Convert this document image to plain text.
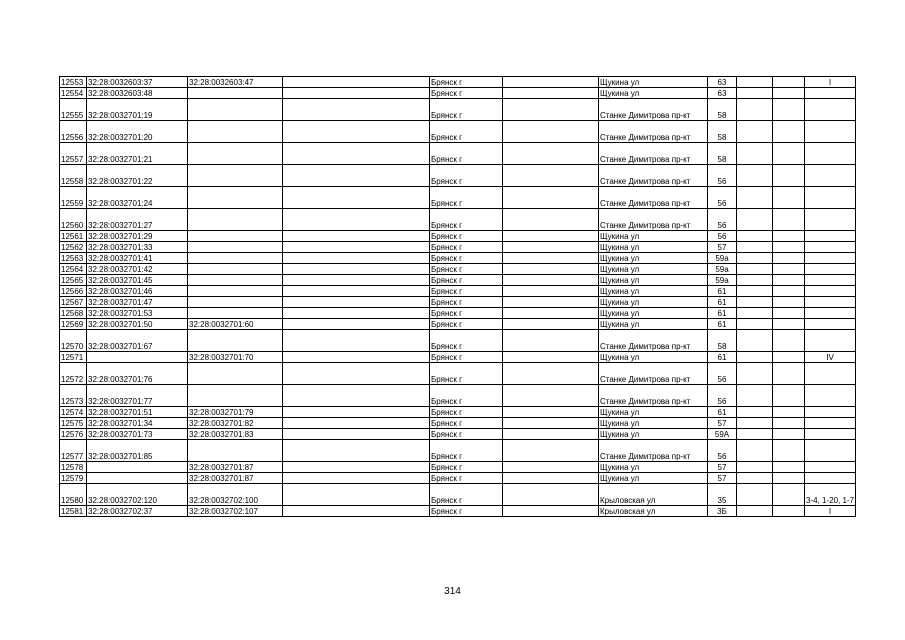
12553	32:28:0032603:37	32:28:0032603:47		Брянск г		Щукина ул	63			I
12554	32:28:0032603:48			Брянск г		Щукина ул	63			
12555	32:28:0032701:19			Брянск г		Станке Димитрова пр-кт	58			
12556	32:28:0032701:20			Брянск г		Станке Димитрова пр-кт	58			
12557	32:28:0032701:21			Брянск г		Станке Димитрова пр-кт	58			
12558	32:28:0032701:22			Брянск г		Станке Димитрова пр-кт	56			
12559	32:28:0032701:24			Брянск г		Станке Димитрова пр-кт	56			
12560	32:28:0032701:27			Брянск г		Станке Димитрова пр-кт	56			
12561	32:28:0032701:29			Брянск г		Щукина ул	56			
12562	32:28:0032701:33			Брянск г		Щукина ул	57			
12563	32:28:0032701:41			Брянск г		Щукина ул	59а			
12564	32:28:0032701:42			Брянск г		Щукина ул	59а			
12565	32:28:0032701:45			Брянск г		Щукина ул	59а			
12566	32:28:0032701:46			Брянск г		Щукина ул	61			
12567	32:28:0032701:47			Брянск г		Щукина ул	61			
12568	32:28:0032701:53			Брянск г		Щукина ул	61			
12569	32:28:0032701:50	32:28:0032701:60		Брянск г		Щукина ул	61			
12570	32:28:0032701:67			Брянск г		Станке Димитрова пр-кт	58			
12571		32:28:0032701:70		Брянск г		Щукина ул	61			IV
12572	32:28:0032701:76			Брянск г		Станке Димитрова пр-кт	56			
12573	32:28:0032701:77			Брянск г		Станке Димитрова пр-кт	56			
12574	32:28:0032701:51	32:28:0032701:79		Брянск г		Щукина ул	61			
12575	32:28:0032701:34	32:28:0032701:82		Брянск г		Щукина ул	57			
12576	32:28:0032701:73	32:28:0032701:83		Брянск г		Щукина ул	59А			
12577	32:28:0032701:85			Брянск г		Станке Димитрова пр-кт	56			
12578		32:28:0032701:87		Брянск г		Щукина ул	57			
12579		32:28:0032701:87		Брянск г		Щукина ул	57			
12580	32:28:0032702:120	32:28:0032702:100		Брянск г		Крыловская ул	35			3-4, 1-20, 1-7
12581	32:28:0032702:37	32:28:0032702:107		Брянск г		Крыловская ул	3Б			I
314
